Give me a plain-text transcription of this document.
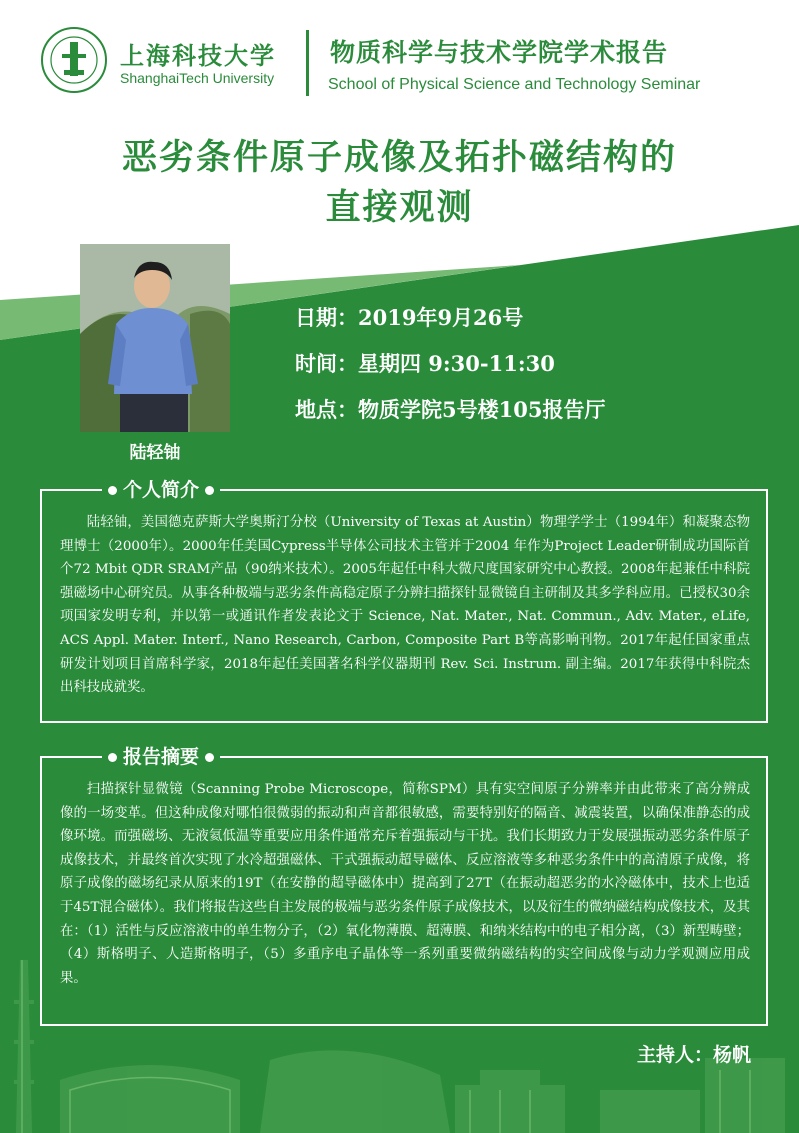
上海科技大学
ShanghaiTech University
物质科学与技术学院学术报告
School of Physical Science and Technology Seminar
恶劣条件原子成像及拓扑磁结构的
直接观测
陆轻铀
日期：2019年9月26号
时间：星期四 9:30-11:30
地点：物质学院5号楼105报告厅
个人简介
陆轻铀，美国德克萨斯大学奥斯汀分校（University of Texas at Austin）物理学学士（1994年）和凝聚态物理博士（2000年）。2000年任美国Cypress半导体公司技术主管并于2004 年作为Project Leader研制成功国际首个72 Mbit QDR SRAM产品（90纳米技术）。2005年起任中科大微尺度国家研究中心教授。2008年起兼任中科院强磁场中心研究员。从事各种极端与恶劣条件高稳定原子分辨扫描探针显微镜自主研制及其多学科应用。已授权30余项国家发明专利，并以第一或通讯作者发表论文于 Science, Nat. Mater., Nat. Commun., Adv. Mater., eLife, ACS Appl. Mater. Interf., Nano Research, Carbon, Composite Part B等高影响刊物。2017年起任国家重点研发计划项目首席科学家，2018年起任美国著名科学仪器期刊 Rev. Sci. Instrum. 副主编。2017年获得中科院杰出科技成就奖。
报告摘要
扫描探针显微镜（Scanning Probe Microscope，简称SPM）具有实空间原子分辨率并由此带来了高分辨成像的一场变革。但这种成像对哪怕很微弱的振动和声音都很敏感，需要特别好的隔音、减震装置，以确保准静态的成像环境。而强磁场、无液氦低温等重要应用条件通常充斥着强振动与干扰。我们长期致力于发展强振动恶劣条件原子成像技术，并最终首次实现了水冷超强磁体、干式强振动超导磁体、反应溶液等多种恶劣条件中的高清原子成像，将原子成像的磁场纪录从原来的19T（在安静的超导磁体中）提高到了27T（在振动超恶劣的水冷磁体中，技术上也适于45T混合磁体）。我们将报告这些自主发展的极端与恶劣条件原子成像技术，以及衍生的微纳磁结构成像技术，及其在：（1）活性与反应溶液中的单生物分子，（2）氧化物薄膜、超薄膜、和纳米结构中的电子相分离，（3）新型畴壁；（4）斯格明子、人造斯格明子，（5）多重序电子晶体等一系列重要微纳磁结构的实空间成像与动力学观测应用成果。
主持人：杨帆
